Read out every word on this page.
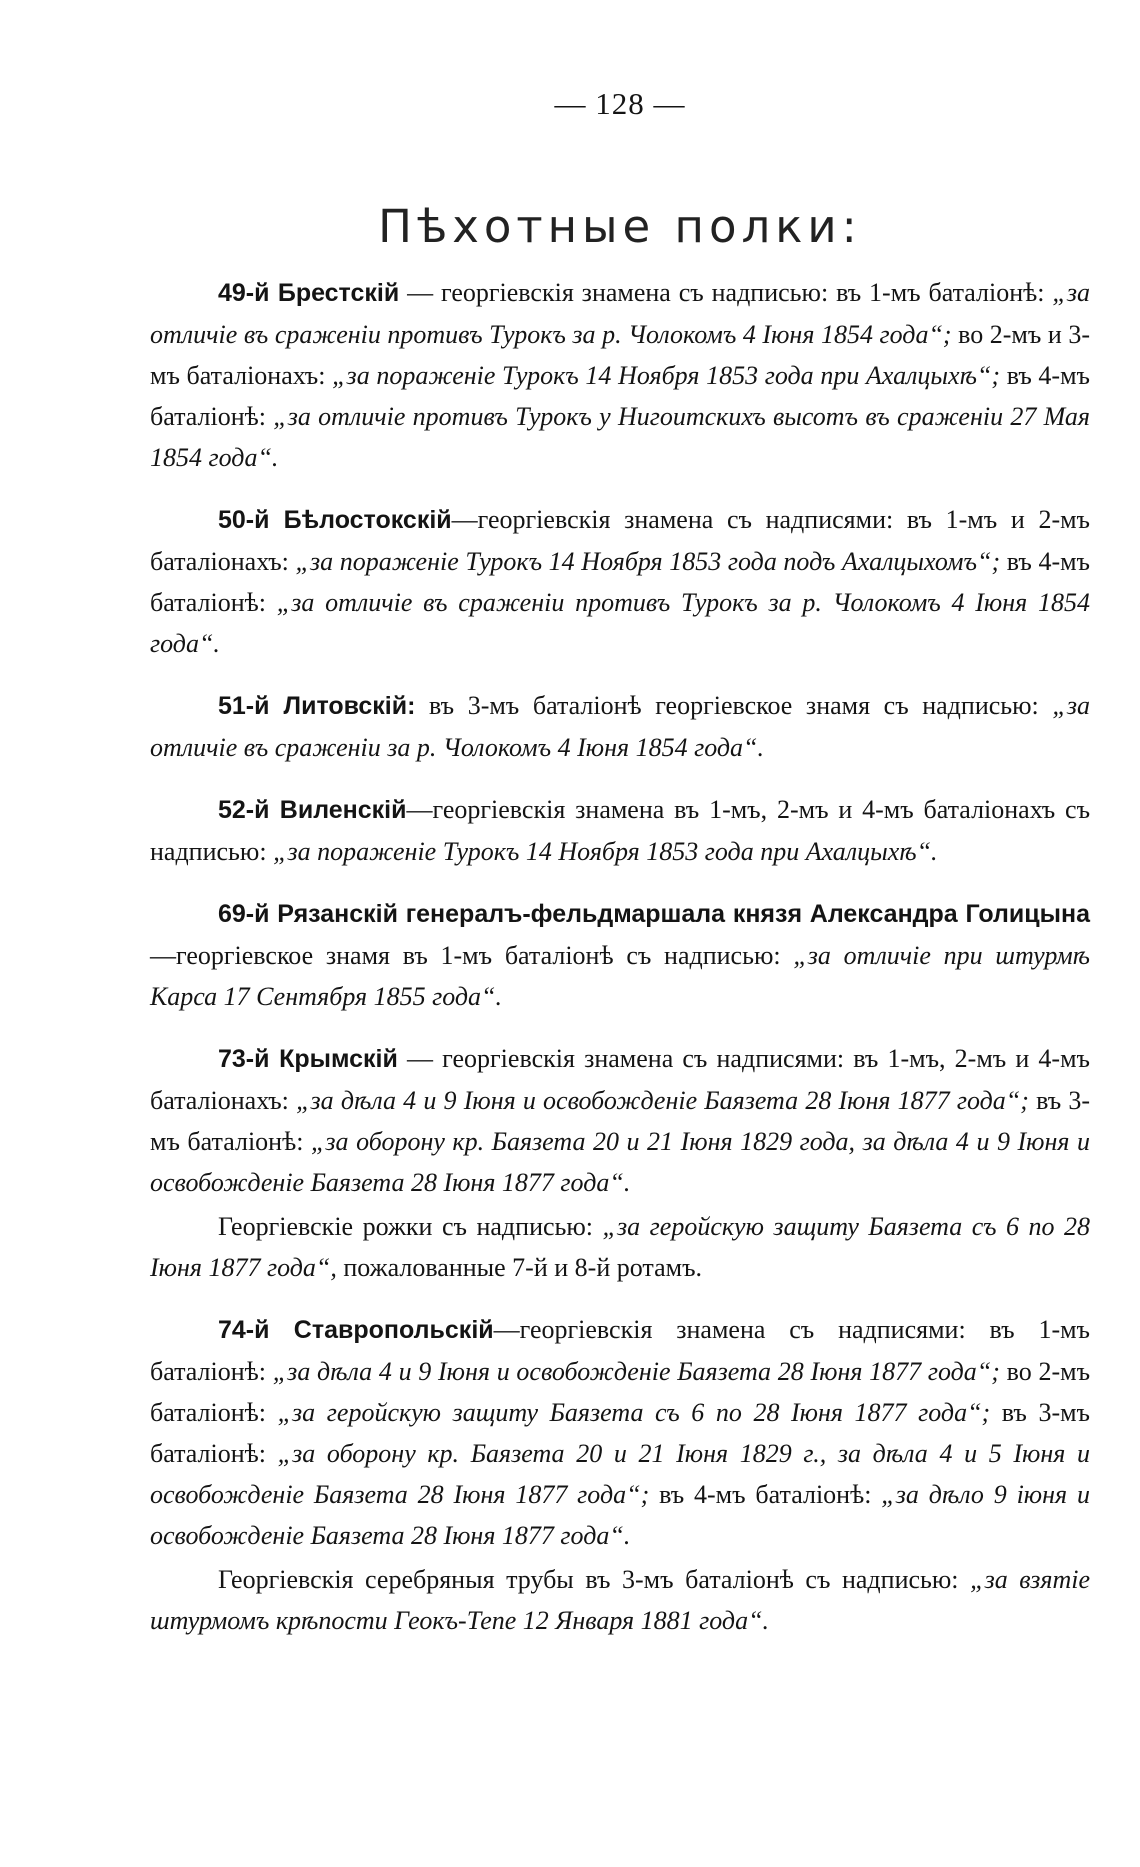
— 128 —
Пѣхотные полки:

49-й Брестскій — георгіевскія знамена съ надписью: въ 1-мъ баталіонѣ: „за отличіе въ сраженіи противъ Турокъ за р. Чолокомъ 4 Іюня 1854 года“; во 2-мъ и 3-мъ баталіонахъ: „за пораженіе Турокъ 14 Ноября 1853 года при Ахалцыхѣ“; въ 4-мъ баталіонѣ: „за отличіе противъ Турокъ у Нигоитскихъ высотъ въ сраженіи 27 Мая 1854 года“.

50-й Бѣлостокскій—георгіевскія знамена съ надписями: въ 1-мъ и 2-мъ баталіонахъ: „за пораженіе Турокъ 14 Ноября 1853 года подъ Ахалцыхомъ“; въ 4-мъ баталіонѣ: „за отличіе въ сраженіи противъ Турокъ за р. Чолокомъ 4 Іюня 1854 года“.

51-й Литовскій: въ 3-мъ баталіонѣ георгіевское знамя съ надписью: „за отличіе въ сраженіи за р. Чолокомъ 4 Іюня 1854 года“.

52-й Виленскій—георгіевскія знамена въ 1-мъ, 2-мъ и 4-мъ баталіонахъ съ надписью: „за пораженіе Турокъ 14 Ноября 1853 года при Ахалцыхѣ“.

69-й Рязанскій генералъ-фельдмаршала князя Александра Голицына—георгіевское знамя въ 1-мъ баталіонѣ съ надписью: „за отличіе при штурмѣ Карса 17 Сентября 1855 года“.

73-й Крымскій — георгіевскія знамена съ надписями: въ 1-мъ, 2-мъ и 4-мъ баталіонахъ: „за дѣла 4 и 9 Іюня и освобожденіе Баязета 28 Іюня 1877 года“; въ 3-мъ баталіонѣ: „за оборону кр. Баязета 20 и 21 Іюня 1829 года, за дѣла 4 и 9 Іюня и освобожденіе Баязета 28 Іюня 1877 года“.

Георгіевскіе рожки съ надписью: „за геройскую защиту Баязета съ 6 по 28 Іюня 1877 года“, пожалованные 7-й и 8-й ротамъ.

74-й Ставропольскій—георгіевскія знамена съ надписями: въ 1-мъ баталіонѣ: „за дѣла 4 и 9 Іюня и освобожденіе Баязета 28 Іюня 1877 года“; во 2-мъ баталіонѣ: „за геройскую защиту Баязета съ 6 по 28 Іюня 1877 года“; въ 3-мъ баталіонѣ: „за оборону кр. Баязета 20 и 21 Іюня 1829 г., за дѣла 4 и 5 Іюня и освобожденіе Баязета 28 Іюня 1877 года“; въ 4-мъ баталіонѣ: „за дѣло 9 іюня и освобожденіе Баязета 28 Іюня 1877 года“.

Георгіевскія серебряныя трубы въ 3-мъ баталіонѣ съ надписью: „за взятіе штурмомъ крѣпости Геокъ-Тепе 12 Января 1881 года“.
